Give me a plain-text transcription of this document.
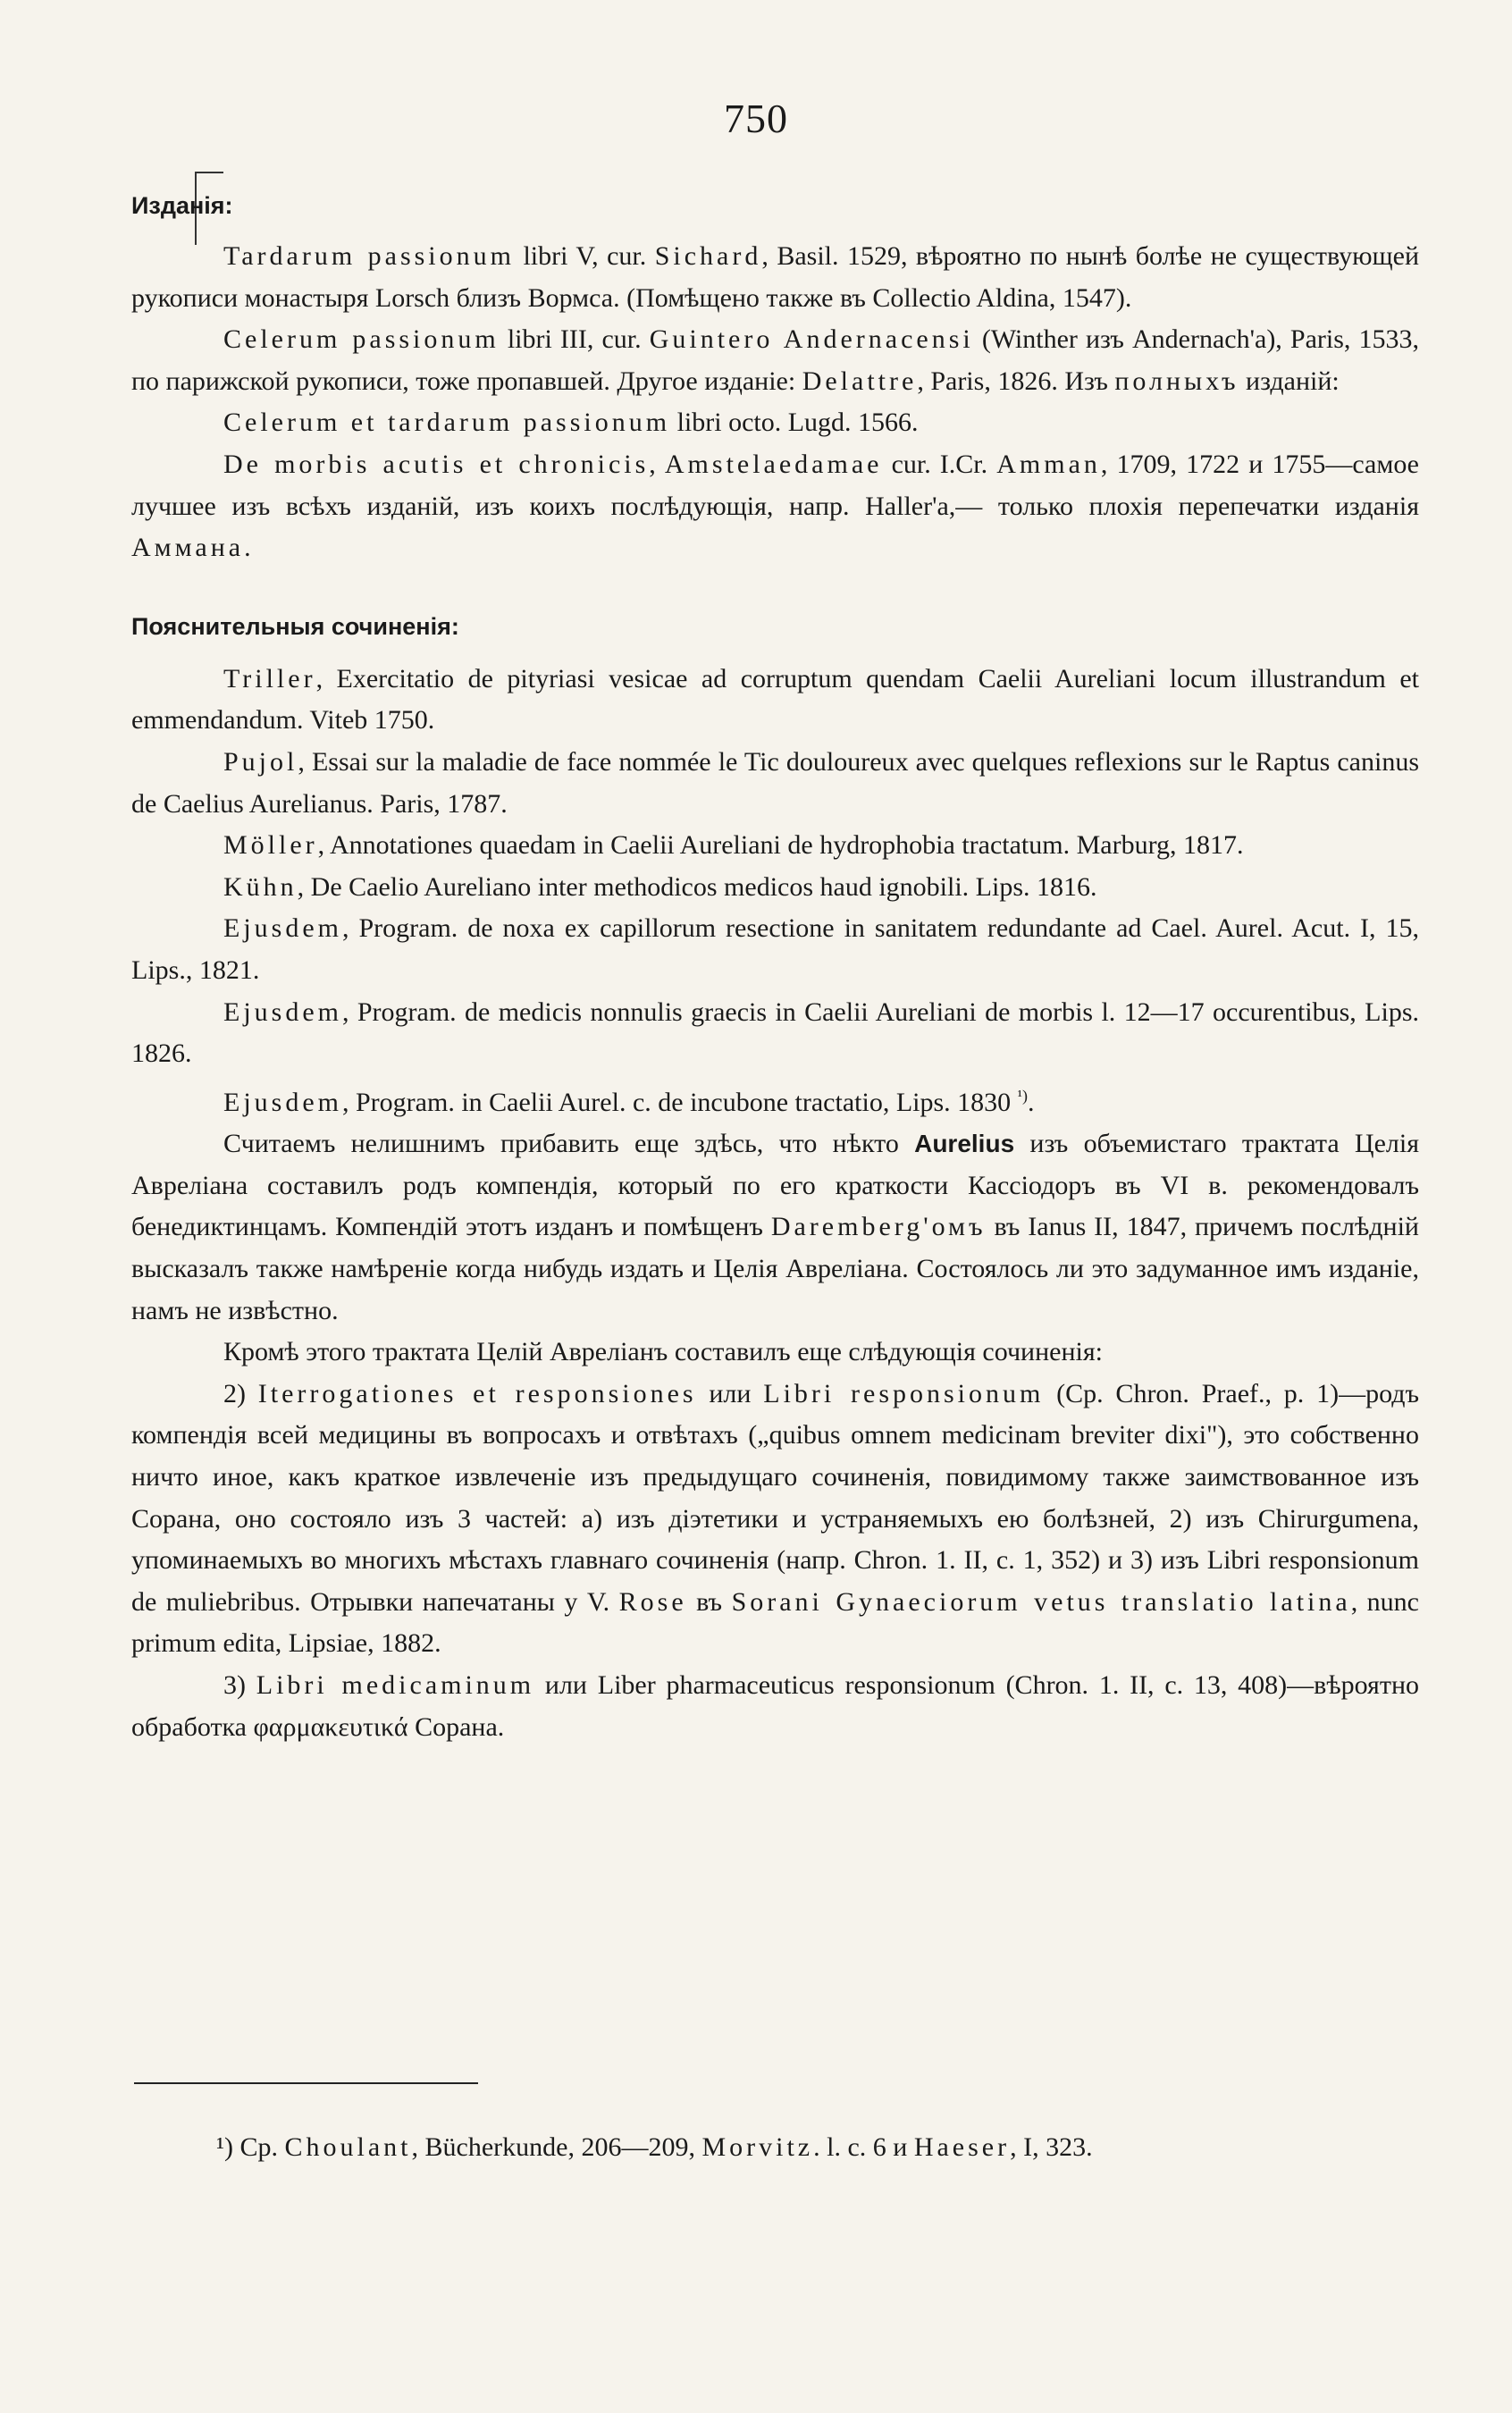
750

Изданія:

Tardarum passionum libri V, cur. Sichard, Basil. 1529, вѣроятно по нынѣ болѣе не существующей рукописи монастыря Lorsch близъ Вормса. (Помѣщено также въ Collectio Aldina, 1547).

Celerum passionum libri III, cur. Guintero Andernacensi (Winther изъ Andernach'a), Paris, 1533, по парижской рукописи, тоже пропавшей. Другое изданіе: Delattre, Paris, 1826. Изъ полныхъ изданій:

Celerum et tardarum passionum libri octo. Lugd. 1566.

De morbis acutis et chronicis, Amstelaedamae cur. I.Cr. Amman, 1709, 1722 и 1755—самое лучшее изъ всѣхъ изданій, изъ коихъ послѣдующія, напр. Haller'a,— только плохія перепечатки изданія Аммана.

Пояснительныя сочиненія:

Triller, Exercitatio de pityriasi vesicae ad corruptum quendam Caelii Aureliani locum illustrandum et emmendandum. Viteb 1750.

Pujol, Essai sur la maladie de face nommée le Tic douloureux avec quelques reflexions sur le Raptus caninus de Caelius Aurelianus. Paris, 1787.

Möller, Annotationes quaedam in Caelii Aureliani de hydrophobia tractatum. Marburg, 1817.

Kühn, De Caelio Aureliano inter methodicos medicos haud ignobili. Lips. 1816.

Ejusdem, Program. de noxa ex capillorum resectione in sanitatem redundante ad Cael. Aurel. Acut. I, 15, Lips., 1821.

Ejusdem, Program. de medicis nonnulis graecis in Caelii Aureliani de morbis l. 12—17 occurentibus, Lips. 1826.

Ejusdem, Program. in Caelii Aurel. c. de incubone tractatio, Lips. 1830 $^{^1)}$.

Считаемъ нелишнимъ прибавить еще здѣсь, что нѣкто Aurelius изъ объемистаго трактата Целія Авреліана составилъ родъ компендія, который по его краткости Кассіодоръ въ VI в. рекомендовалъ бенедиктинцамъ. Компендій этотъ изданъ и помѣщенъ Daremberg'омъ въ Ianus II, 1847, причемъ послѣдній высказалъ также намѣреніе когда нибудь издать и Целія Авреліана. Состоялось ли это задуманное имъ изданіе, намъ не извѣстно.

Кромѣ этого трактата Целій Авреліанъ составилъ еще слѣдующія сочиненія:

2) Iterrogationes et responsiones или Libri responsionum (Cp. Chron. Praef., p. 1)—родъ компендія всей медицины въ вопросахъ и отвѣтахъ („quibus omnem medicinam breviter dixi"), это собственно ничто иное, какъ краткое извлеченіе изъ предыдущаго сочиненія, повидимому также заимствованное изъ Сорана, оно состояло изъ 3 частей: а) изъ діэтетики и устраняемыхъ ею болѣзней, 2) изъ Chirurgumena, упоминаемыхъ во многихъ мѣстахъ главнаго сочиненія (напр. Chron. 1. II, c. 1, 352) и 3) изъ Libri responsionum de muliebribus. Отрывки напечатаны у V. Rose въ Sorani Gynaeciorum vetus translatio latina, nunc primum edita, Lipsiae, 1882.

3) Libri medicaminum или Liber pharmaceuticus responsionum (Chron. 1. II, c. 13, 408)—вѣроятно обработка φαρμακευτικά Сорана.

¹) Cp. Choulant, Bücherkunde, 206—209, Morvitz. l. c. 6 и Haeser, I, 323.
